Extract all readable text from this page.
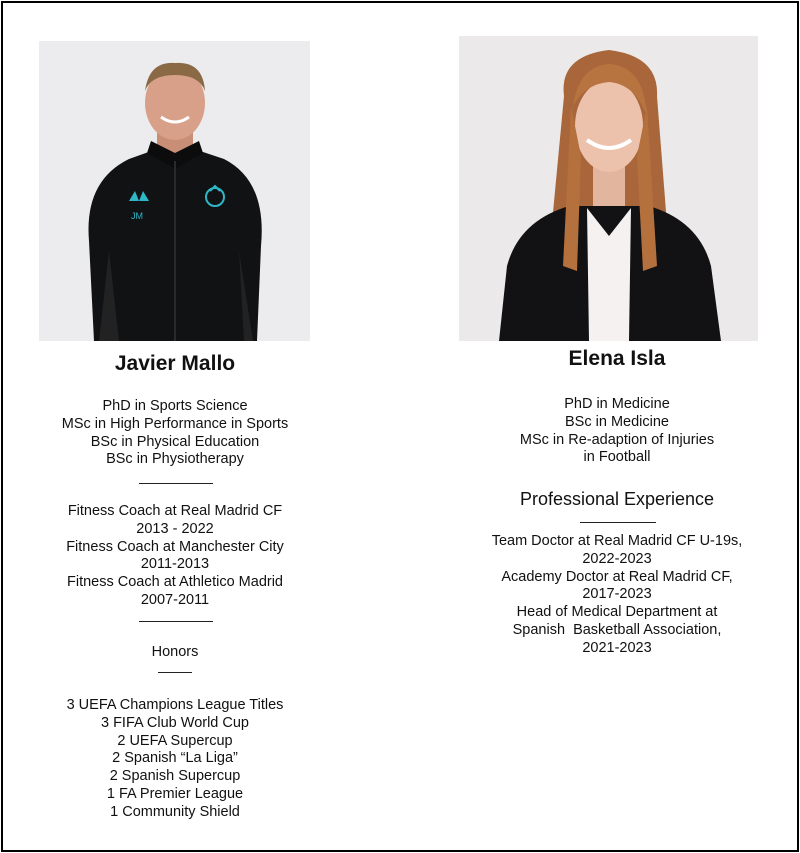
JM
Javier Mallo
PhD in Sports Science
MSc in High Performance in Sports
BSc in Physical Education
BSc in Physiotherapy
Fitness Coach at Real Madrid CF
2013 - 2022
Fitness Coach at Manchester City
2011-2013
Fitness Coach at Athletico Madrid
2007-2011
Honors
3 UEFA Champions League Titles
3 FIFA Club World Cup
2 UEFA Supercup
2 Spanish “La Liga”
2 Spanish Supercup
1 FA Premier League
1 Community Shield
Elena Isla
PhD in Medicine
BSc in Medicine
MSc in Re-adaption of Injuries
in Football
Professional Experience
Team Doctor at Real Madrid CF U-19s,
2022-2023
Academy Doctor at Real Madrid CF,
2017-2023
Head of Medical Department at
Spanish  Basketball Association,
2021-2023
